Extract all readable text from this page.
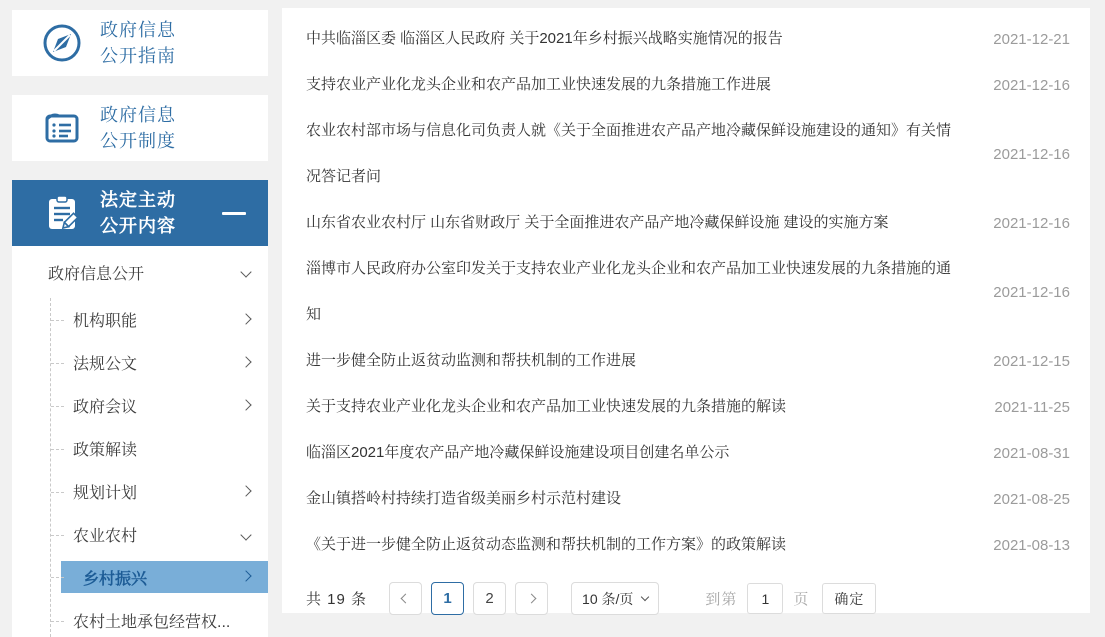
政府信息
公开指南
政府信息
公开制度
法定主动
公开内容
政府信息公开
机构职能
法规公文
政府会议
政策解读
规划计划
农业农村
乡村振兴
农村土地承包经营权...
中共临淄区委 临淄区人民政府 关于2021年乡村振兴战略实施情况的报告	2021-12-21
支持农业产业化龙头企业和农产品加工业快速发展的九条措施工作进展	2021-12-16
农业农村部市场与信息化司负责人就《关于全面推进农产品产地冷藏保鲜设施建设的通知》有关情况答记者问
2021-12-16
山东省农业农村厅 山东省财政厅 关于全面推进农产品产地冷藏保鲜设施 建设的实施方案	2021-12-16
淄博市人民政府办公室印发关于支持农业产业化龙头企业和农产品加工业快速发展的九条措施的通知
2021-12-16
进一步健全防止返贫动监测和帮扶机制的工作进展	2021-12-15
关于支持农业产业化龙头企业和农产品加工业快速发展的九条措施的解读	2021-11-25
临淄区2021年度农产品产地冷藏保鲜设施建设项目创建名单公示	2021-08-31
金山镇搭岭村持续打造省级美丽乡村示范村建设	2021-08-25
《关于进一步健全防止返贫动态监测和帮扶机制的工作方案》的政策解读	2021-08-13
共 19 条	1	2	10 条/页	到第
1	页	确定
